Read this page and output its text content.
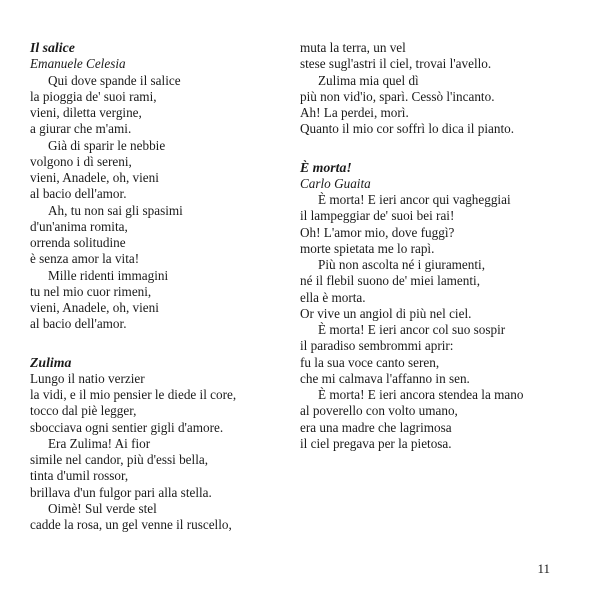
Il salice
Emanuele Celesia
Qui dove spande il salice
la pioggia de' suoi rami,
vieni, diletta vergine,
a giurar che m'ami.
Già di sparir le nebbie
volgono i dì sereni,
vieni, Anadele, oh, vieni
al bacio dell'amor.
Ah, tu non sai gli spasimi
d'un'anima romita,
orrenda solitudine
è senza amor la vita!
Mille ridenti immagini
tu nel mio cuor rimeni,
vieni, Anadele, oh, vieni
al bacio dell'amor.
Zulima
Lungo il natio verzier
la vidi, e il mio pensier le diede il core,
tocco dal piè legger,
sbocciava ogni sentier gigli d'amore.
Era Zulima! Ai fior
simile nel candor, più d'essi bella,
tinta d'umil rossor,
brillava d'un fulgor pari alla stella.
Oimè! Sul verde stel
cadde la rosa, un gel venne il ruscello,
muta la terra, un vel
stese sugl'astri il ciel, trovai l'avello.
Zulima mia quel dì
più non vid'io, sparì. Cessò l'incanto.
Ah! La perdei, morì.
Quanto il mio cor soffrì lo dica il pianto.
È morta!
Carlo Guaita
È morta! E ieri ancor qui vagheggiai
il lampeggiar de' suoi bei rai!
Oh! L'amor mio, dove fuggì?
morte spietata me lo rapì.
Più non ascolta né i giuramenti,
né il flebil suono de' miei lamenti,
ella è morta.
Or vive un angiol di più nel ciel.
È morta! E ieri ancor col suo sospir
il paradiso sembrommi aprir:
fu la sua voce canto seren,
che mi calmava l'affanno in sen.
È morta! E ieri ancora stendea la mano
al poverello con volto umano,
era una madre che lagrimosa
il ciel pregava per la pietosa.
11
